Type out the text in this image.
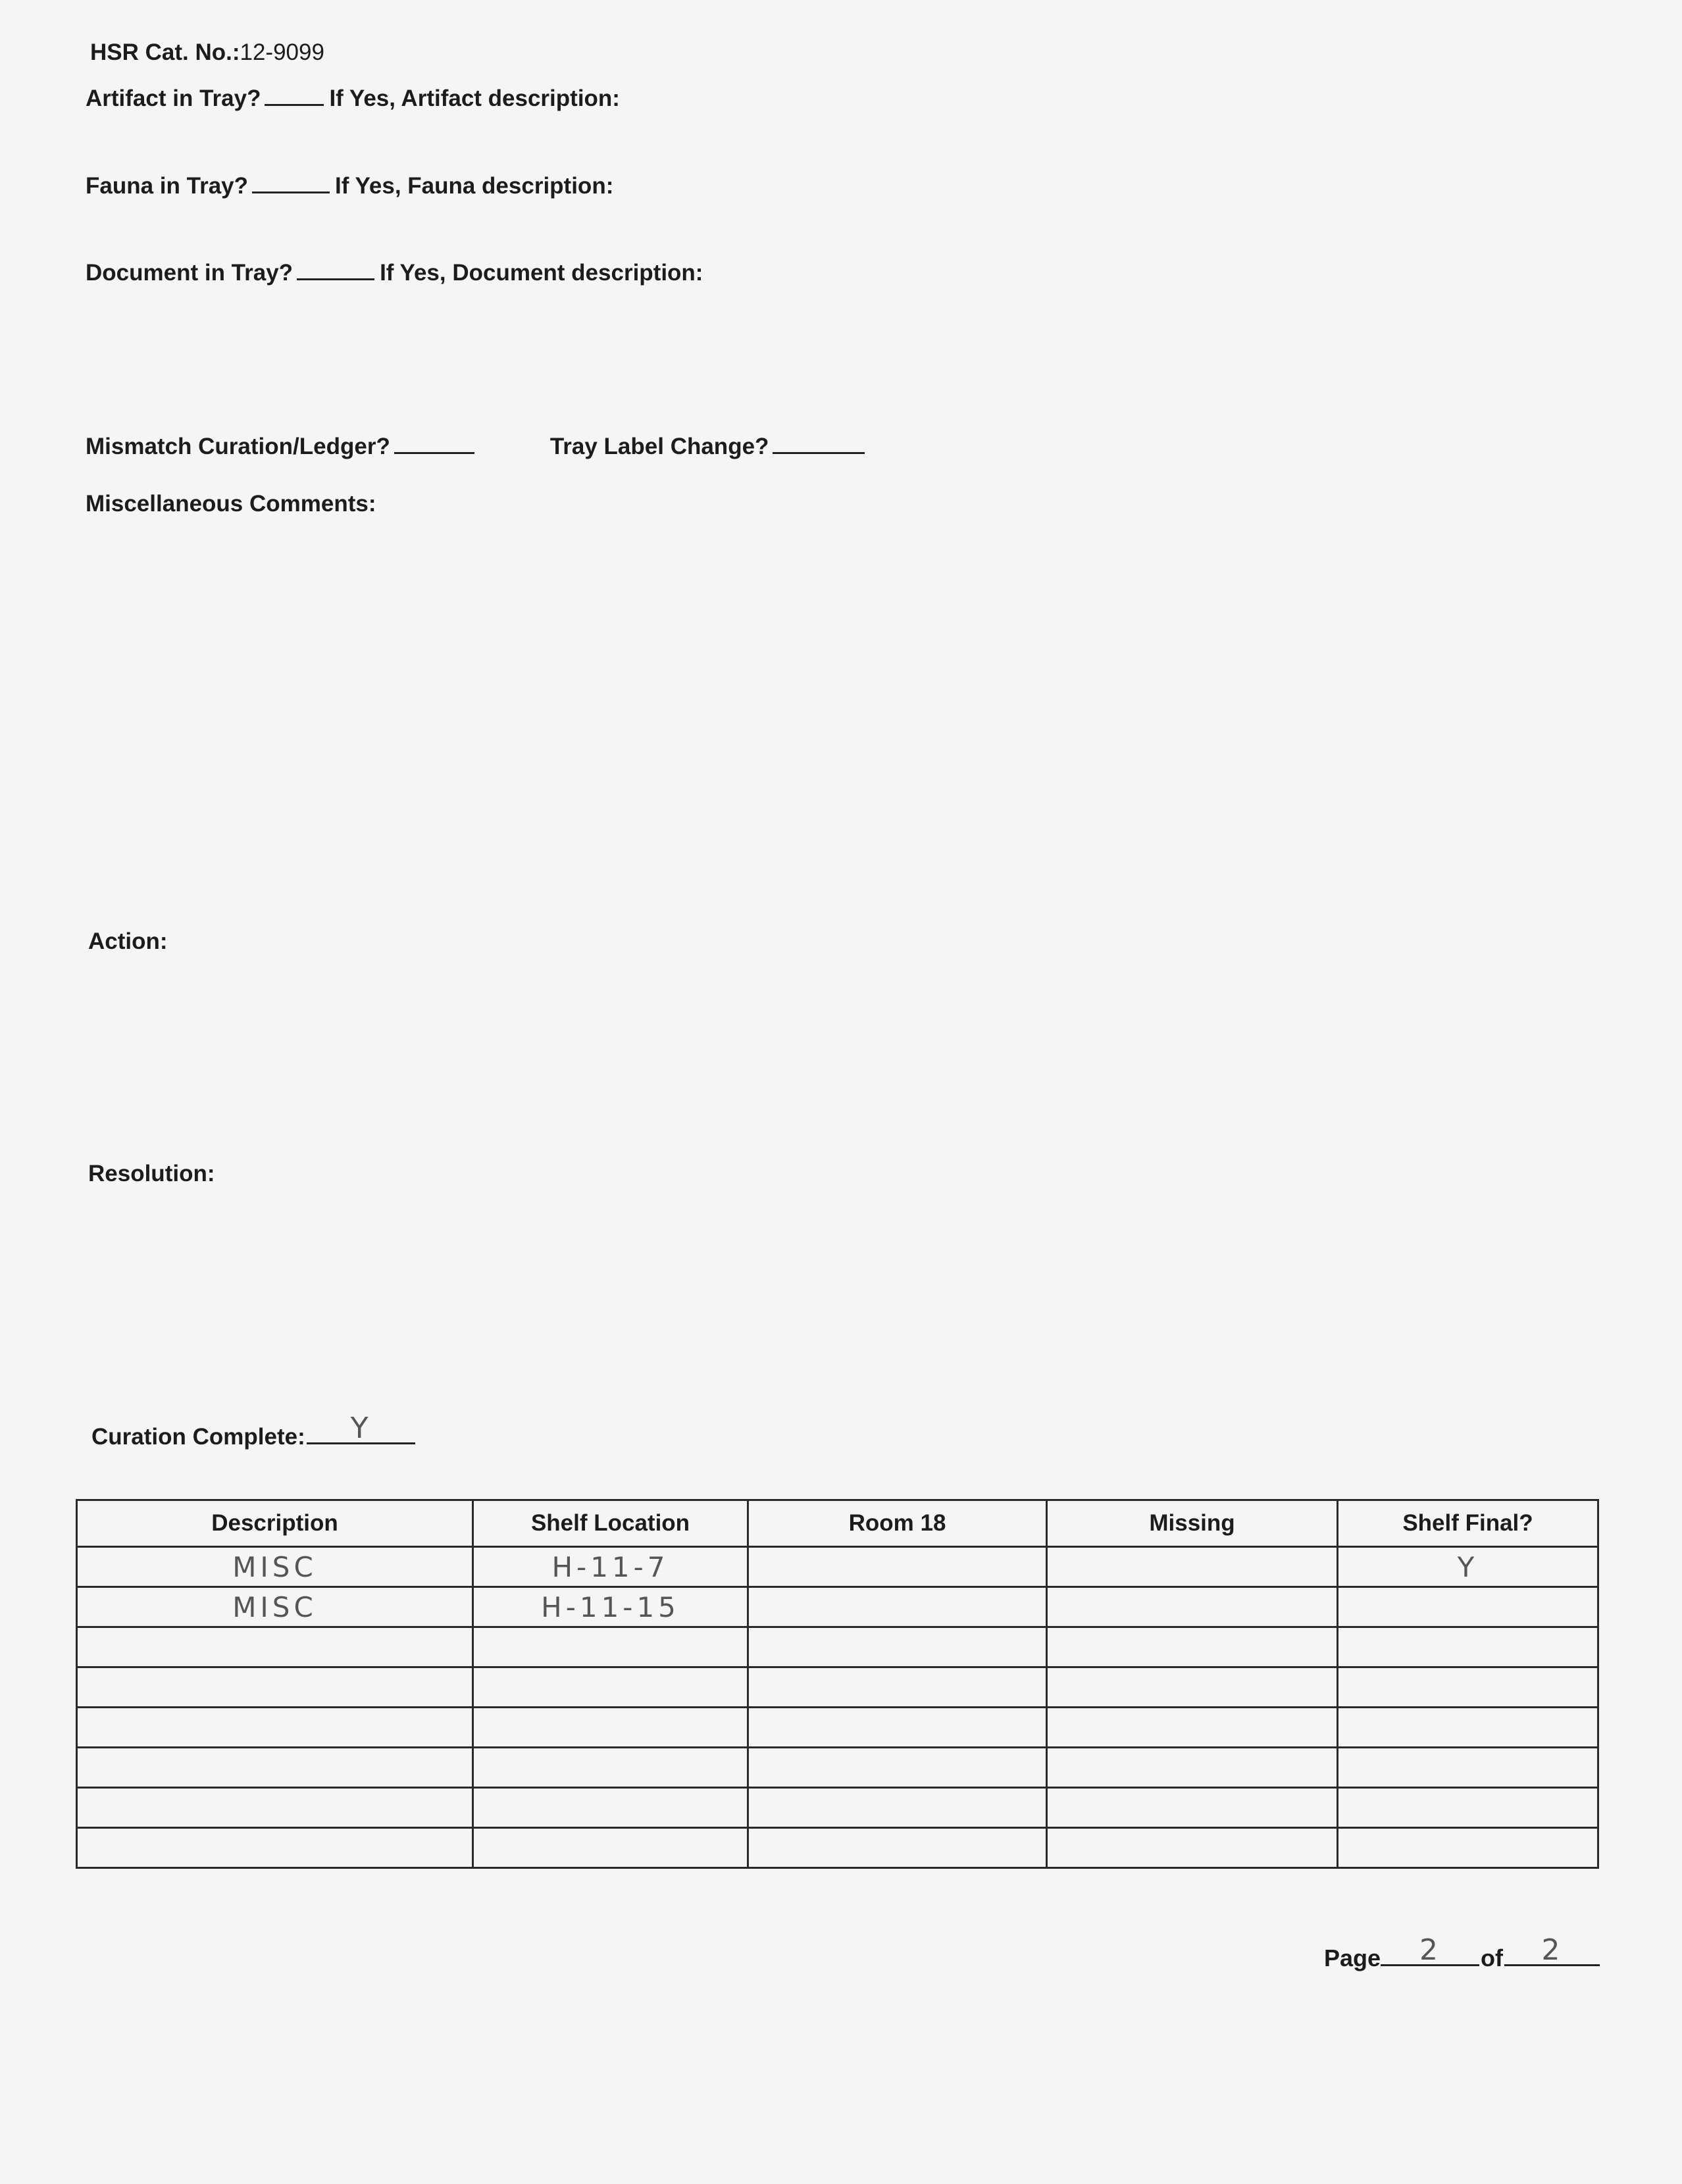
HSR Cat. No.: 12-9099
Artifact in Tray?	If Yes, Artifact description:
Fauna in Tray?	If Yes, Fauna description:
Document in Tray?	If Yes, Document description:
Mismatch Curation/Ledger?	Tray Label Change?
Miscellaneous Comments:
Action:
Resolution:
Curation Complete: Y
Description	Shelf Location	Room 18	Missing	Shelf Final?
MISC	H-11-7			Y
MISC	H-11-15			

Page 2 of 2
